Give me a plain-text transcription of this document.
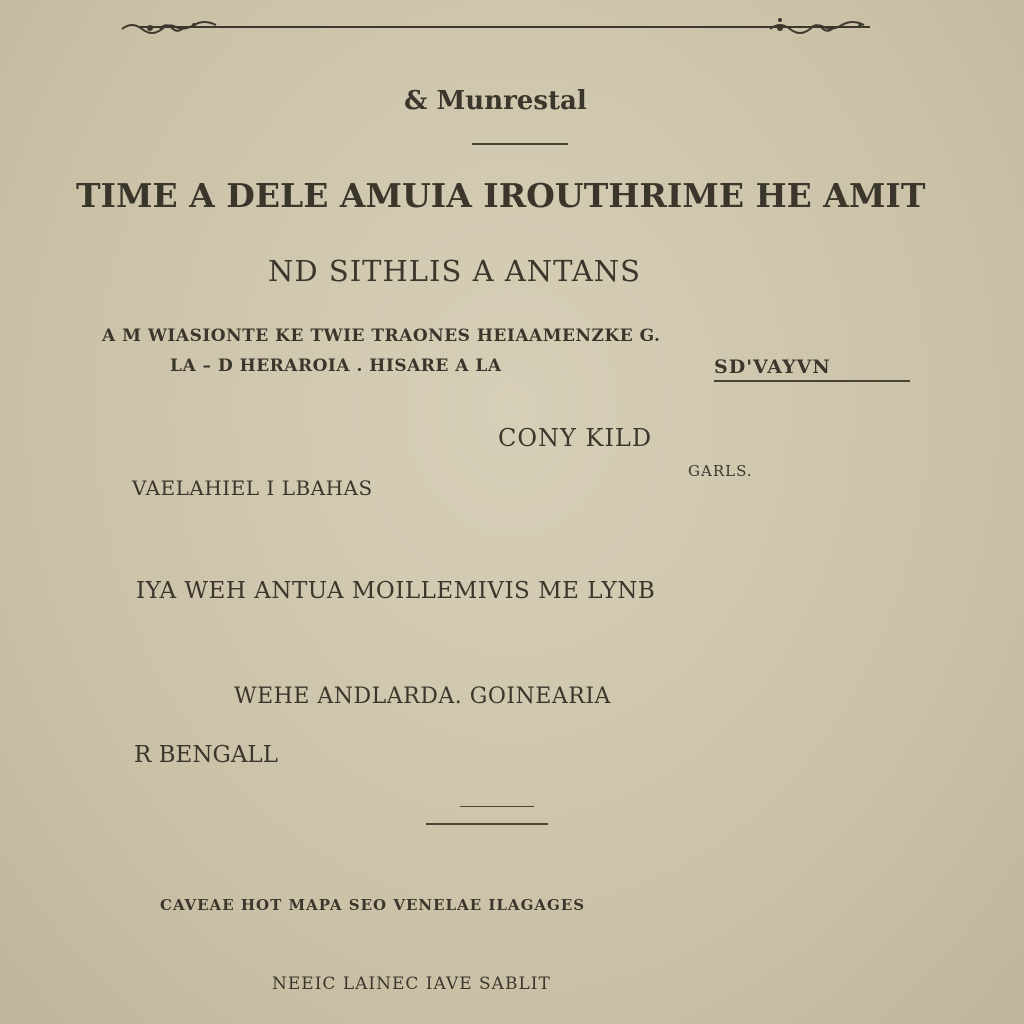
& Munrestal
TIME A DELE AMUIA IROUTHRIME HE AMIT
ND SITHLIS A ANTANS
A M WIASIONTE KE TWIE TRAONES HEIAAMENZKE G.
LA – D HERAROIA . HISARE A LA	SD'VAYVN
CONY KILD
GARLS.
VAELAHIEL I LBAHAS
IYA WEH ANTUA MOILLEMIVIS ME LYNB
WEHE ANDLARDA. GOINEARIA
R BENGALL
CAVEAE HOT MAPA SEO VENELAE ILAGAGES
NEEIC LAINEC IAVE SABLIT
